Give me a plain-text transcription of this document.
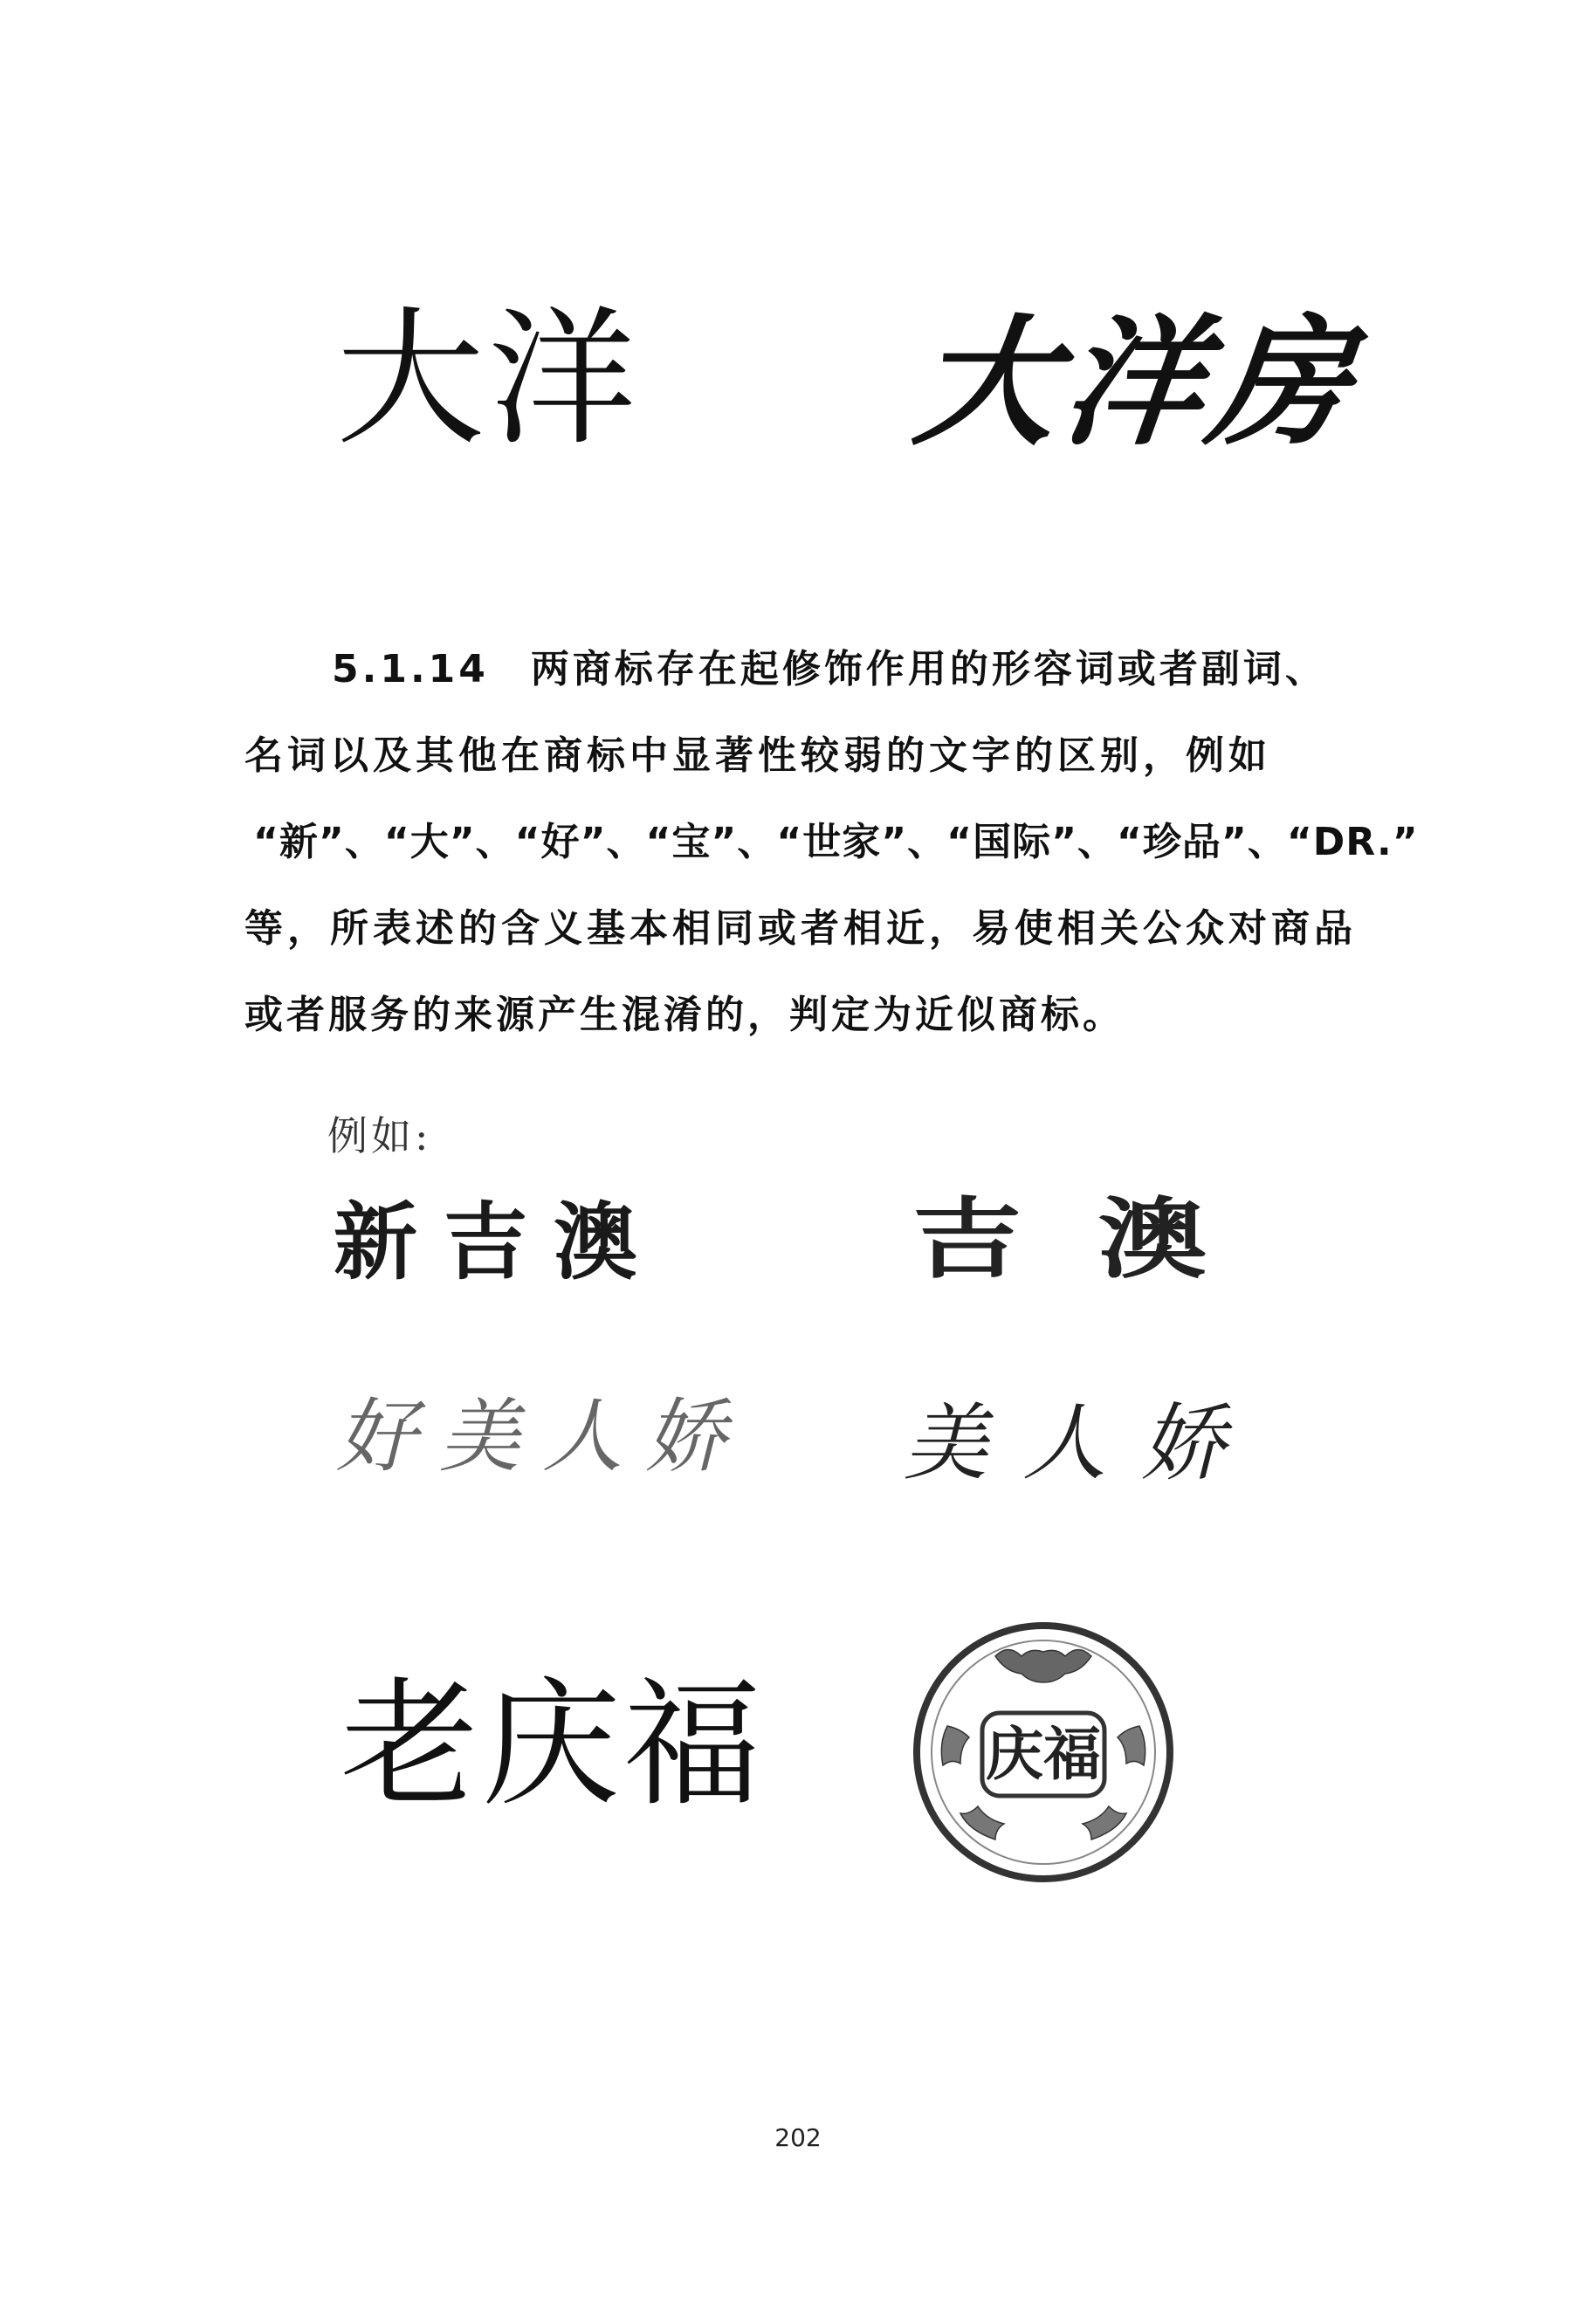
大洋 大洋房
5.1.14 两商标存在起修饰作用的形容词或者副词、
名词以及其他在商标中显著性较弱的文字的区别，例如
“新”、“大”、“好”、“宝”、“世家”、“国际”、“珍品”、“DR.”
等，所表述的含义基本相同或者相近，易使相关公众对商品
或者服务的来源产生混淆的，判定为近似商标。
例如:
新吉澳	吉澳
好美人娇 美人娇
老庆福	庆福
202
